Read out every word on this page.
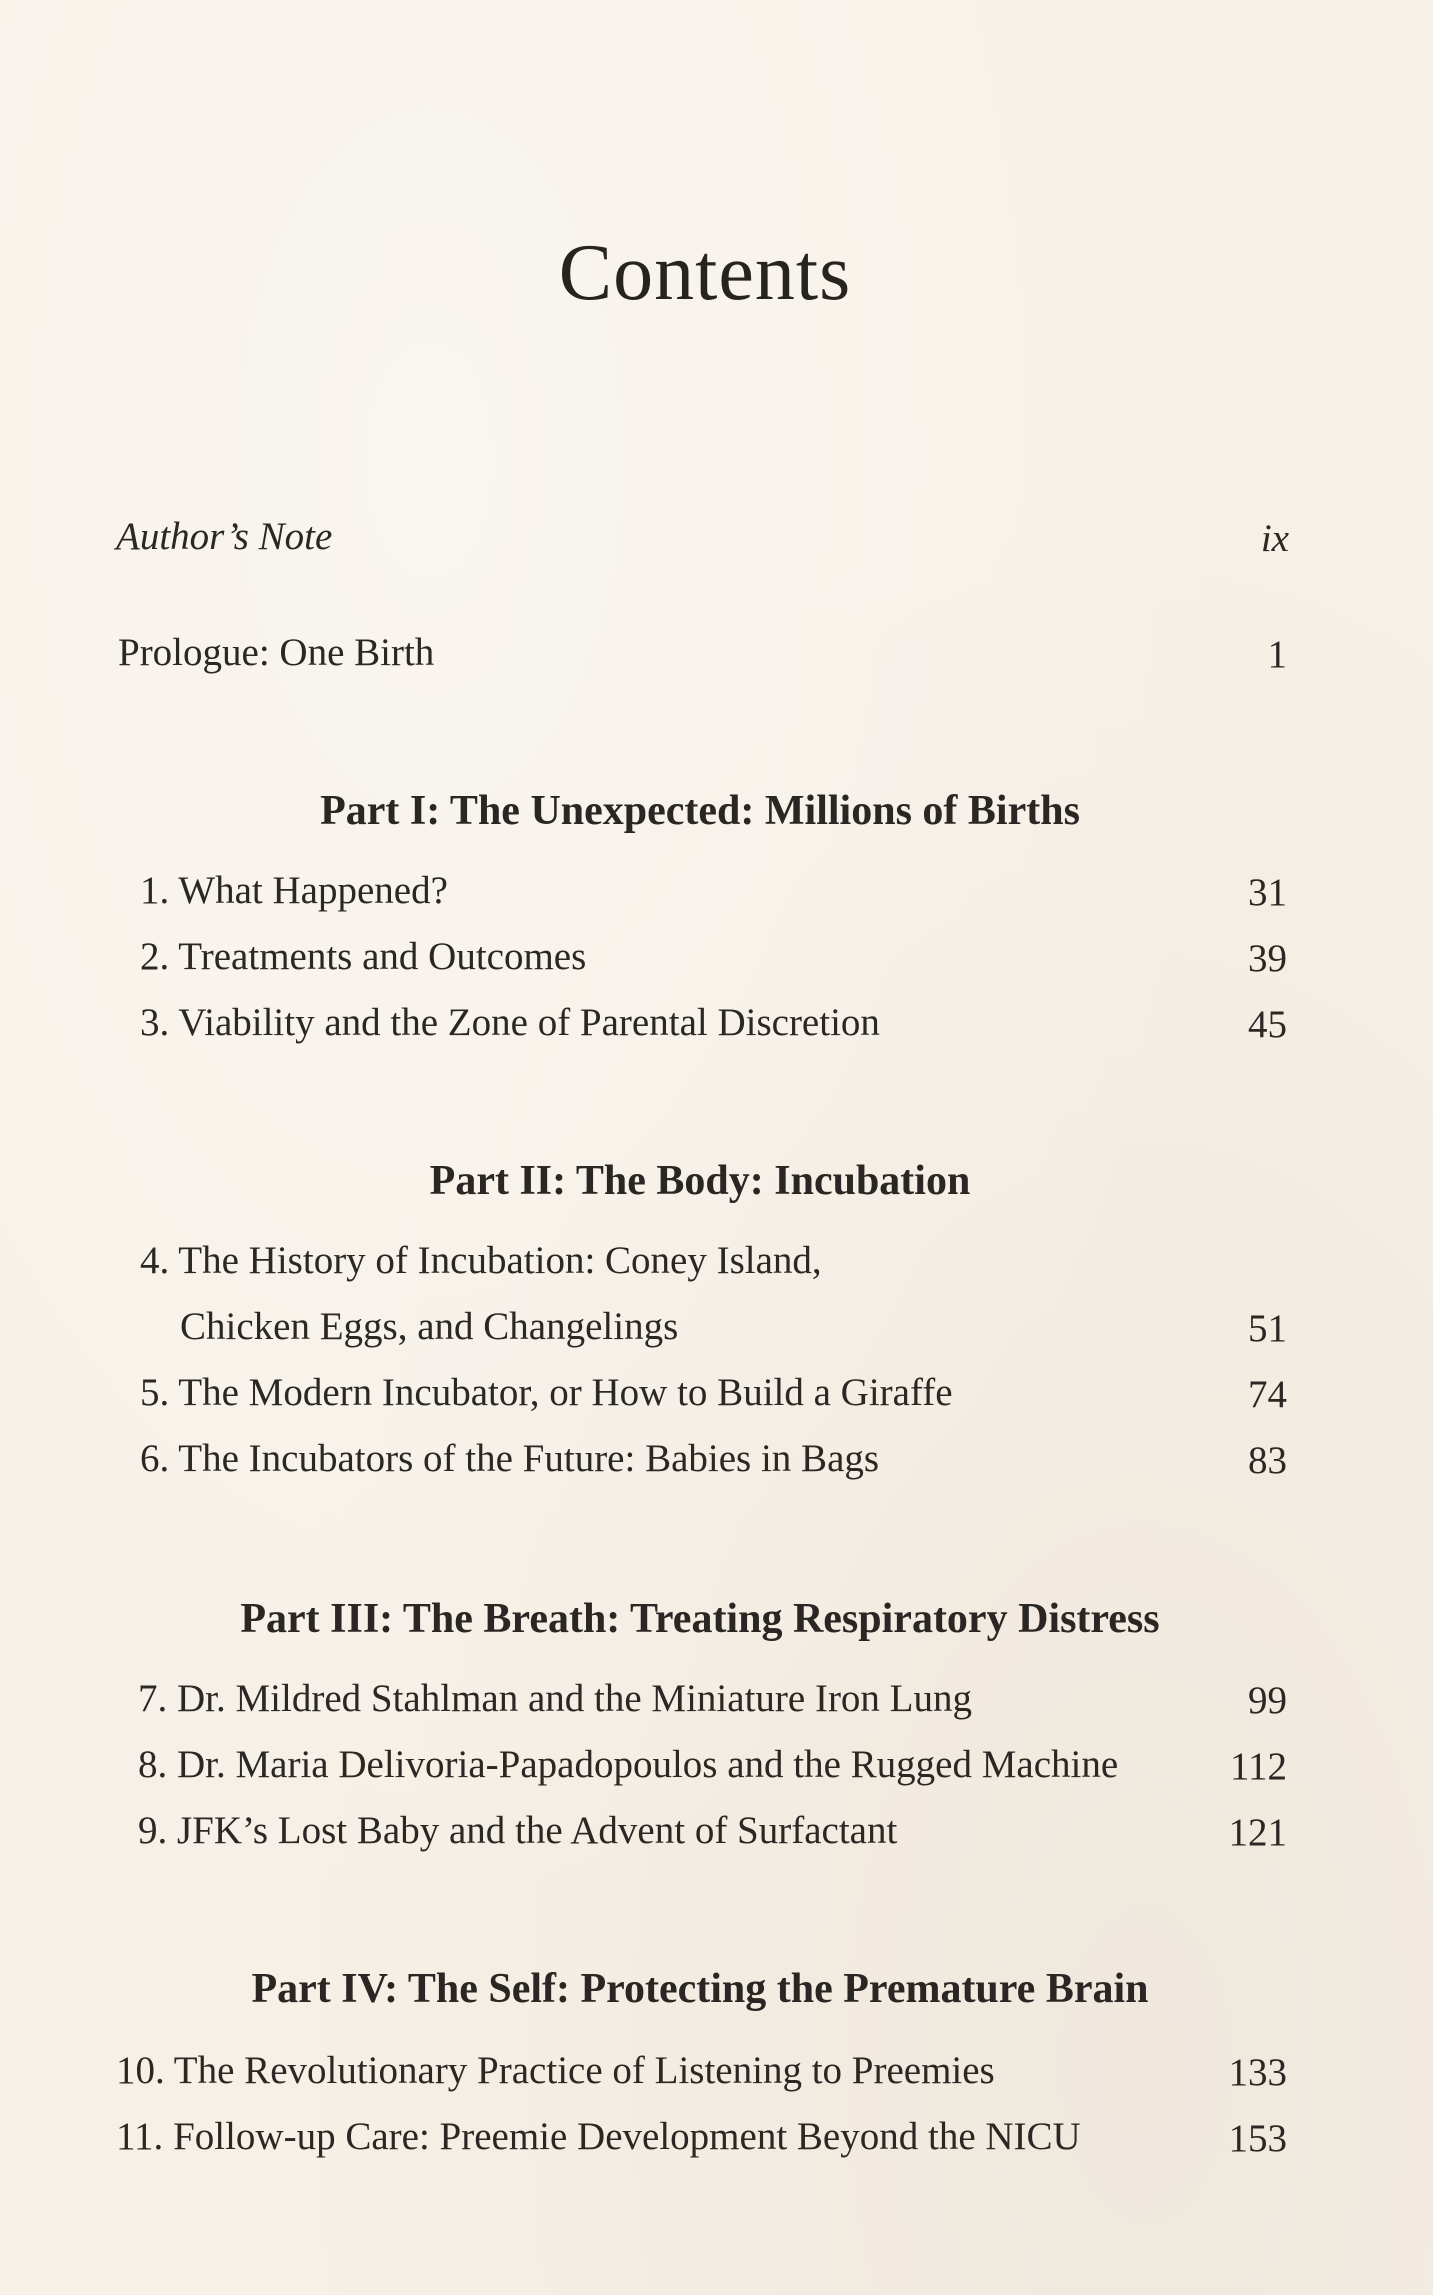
Contents
Author’s Note	ix
Prologue: One Birth	1
Part I: The Unexpected: Millions of Births
1. What Happened?	31
2. Treatments and Outcomes	39
3. Viability and the Zone of Parental Discretion	45
Part II: The Body: Incubation
4. The History of Incubation: Coney Island,
Chicken Eggs, and Changelings	51
5. The Modern Incubator, or How to Build a Giraffe	74
6. The Incubators of the Future: Babies in Bags	83
Part III: The Breath: Treating Respiratory Distress
7. Dr. Mildred Stahlman and the Miniature Iron Lung	99
8. Dr. Maria Delivoria-Papadopoulos and the Rugged Machine	112
9. JFK’s Lost Baby and the Advent of Surfactant	121
Part IV: The Self: Protecting the Premature Brain
10. The Revolutionary Practice of Listening to Preemies	133
11. Follow-up Care: Preemie Development Beyond the NICU	153
